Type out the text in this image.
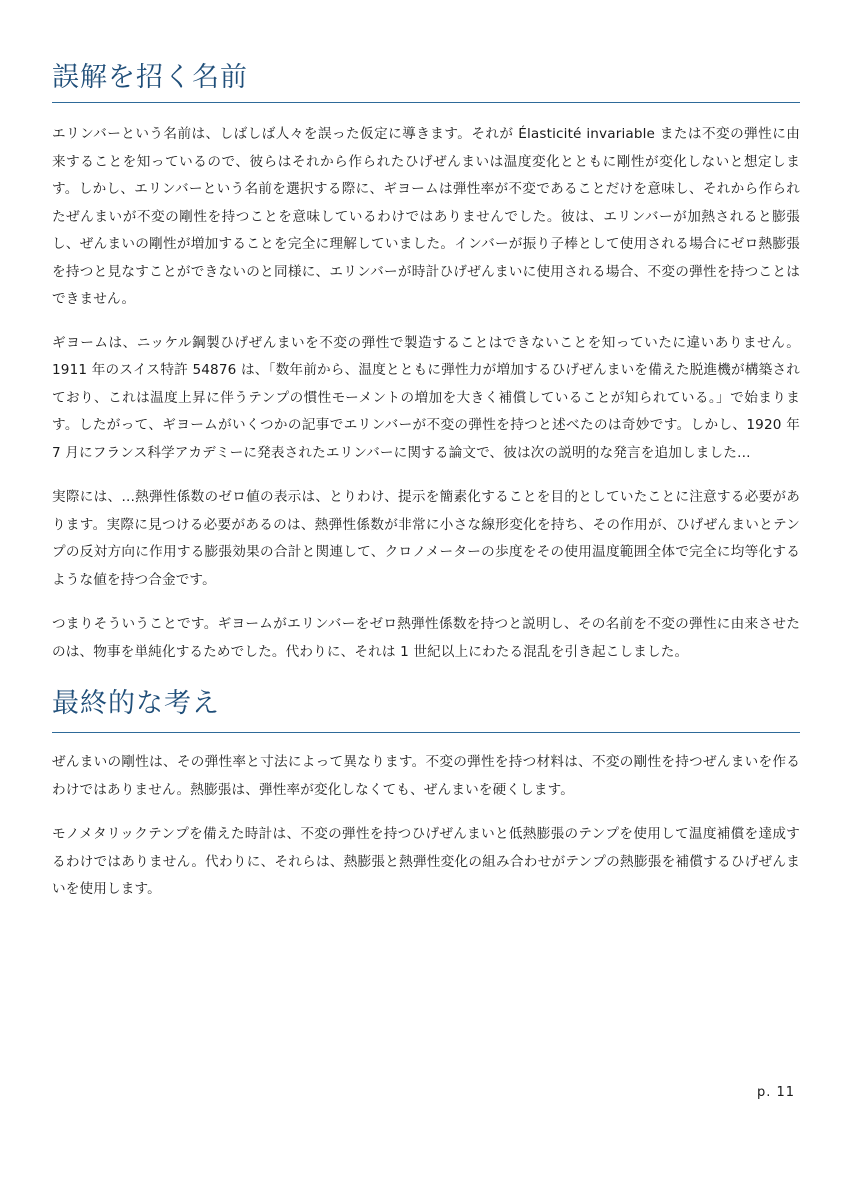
誤解を招く名前

エリンバーという名前は、しばしば人々を誤った仮定に導きます。それが Élasticité invariable または不変の弾性に由来することを知っているので、彼らはそれから作られたひげぜんまいは温度変化とともに剛性が変化しないと想定します。しかし、エリンバーという名前を選択する際に、ギヨームは弾性率が不変であることだけを意味し、それから作られたぜんまいが不変の剛性を持つことを意味しているわけではありませんでした。彼は、エリンバーが加熱されると膨張し、ぜんまいの剛性が増加することを完全に理解していました。インバーが振り子棒として使用される場合にゼロ熱膨張を持つと見なすことができないのと同様に、エリンバーが時計ひげぜんまいに使用される場合、不変の弾性を持つことはできません。

ギヨームは、ニッケル鋼製ひげぜんまいを不変の弾性で製造することはできないことを知っていたに違いありません。1911 年のスイス特許 54876 は、「数年前から、温度とともに弾性力が増加するひげぜんまいを備えた脱進機が構築されており、これは温度上昇に伴うテンプの慣性モーメントの増加を大きく補償していることが知られている。」で始まります。したがって、ギヨームがいくつかの記事でエリンバーが不変の弾性を持つと述べたのは奇妙です。しかし、1920 年 7 月にフランス科学アカデミーに発表されたエリンバーに関する論文で、彼は次の説明的な発言を追加しました…

実際には、…熱弾性係数のゼロ値の表示は、とりわけ、提示を簡素化することを目的としていたことに注意する必要があります。実際に見つける必要があるのは、熱弾性係数が非常に小さな線形変化を持ち、その作用が、ひげぜんまいとテンプの反対方向に作用する膨張効果の合計と関連して、クロノメーターの歩度をその使用温度範囲全体で完全に均等化するような値を持つ合金です。

つまりそういうことです。ギヨームがエリンバーをゼロ熱弾性係数を持つと説明し、その名前を不変の弾性に由来させたのは、物事を単純化するためでした。代わりに、それは 1 世紀以上にわたる混乱を引き起こしました。

最終的な考え

ぜんまいの剛性は、その弾性率と寸法によって異なります。不変の弾性を持つ材料は、不変の剛性を持つぜんまいを作るわけではありません。熱膨張は、弾性率が変化しなくても、ぜんまいを硬くします。

モノメタリックテンプを備えた時計は、不変の弾性を持つひげぜんまいと低熱膨張のテンプを使用して温度補償を達成するわけではありません。代わりに、それらは、熱膨張と熱弾性変化の組み合わせがテンプの熱膨張を補償するひげぜんまいを使用します。

p. 11
